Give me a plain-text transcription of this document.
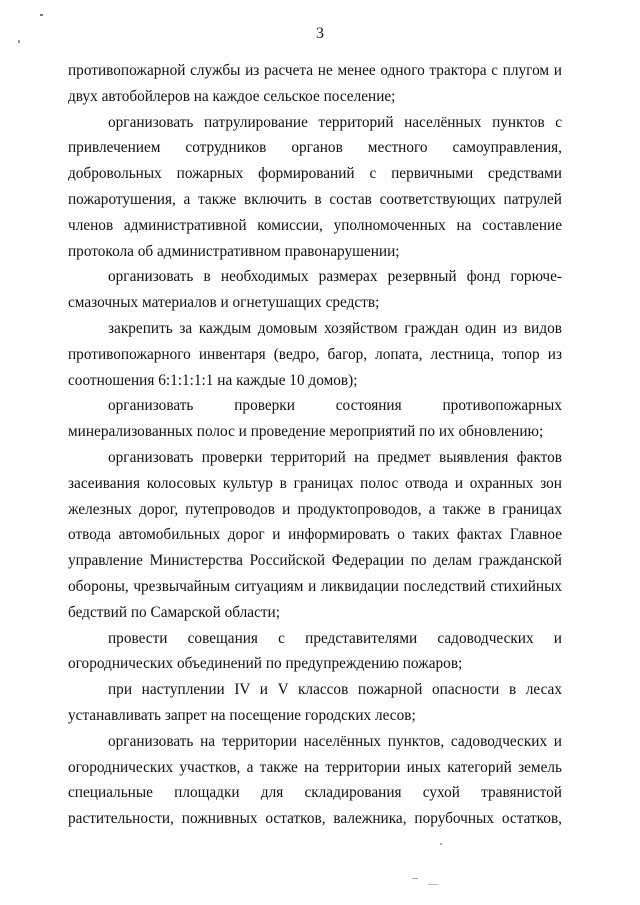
3
противопожарной службы из расчета не менее одного трактора с плугом и
двух автобойлеров на каждое сельское поселение;
организовать патрулирование территорий населённых пунктов с
привлечением сотрудников органов местного самоуправления,
добровольных пожарных формирований с первичными средствами
пожаротушения, а также включить в состав соответствующих патрулей
членов административной комиссии, уполномоченных на составление
протокола об административном правонарушении;
организовать в необходимых размерах резервный фонд горюче-
смазочных материалов и огнетушащих средств;
закрепить за каждым домовым хозяйством граждан один из видов
противопожарного инвентаря (ведро, багор, лопата, лестница, топор из
соотношения 6:1:1:1:1 на каждые 10 домов);
организовать проверки состояния противопожарных
минерализованных полос и проведение мероприятий по их обновлению;
организовать проверки территорий на предмет выявления фактов
засеивания колосовых культур в границах полос отвода и охранных зон
железных дорог, путепроводов и продуктопроводов, а также в границах
отвода автомобильных дорог и информировать о таких фактах Главное
управление Министерства Российской Федерации по делам гражданской
обороны, чрезвычайным ситуациям и ликвидации последствий стихийных
бедствий по Самарской области;
провести совещания с представителями садоводческих и
огороднических объединений по предупреждению пожаров;
при наступлении IV и V классов пожарной опасности в лесах
устанавливать запрет на посещение городских лесов;
организовать на территории населённых пунктов, садоводческих и
огороднических участков, а также на территории иных категорий земель
специальные площадки для складирования сухой травянистой
растительности, пожнивных остатков, валежника, порубочных остатков,
